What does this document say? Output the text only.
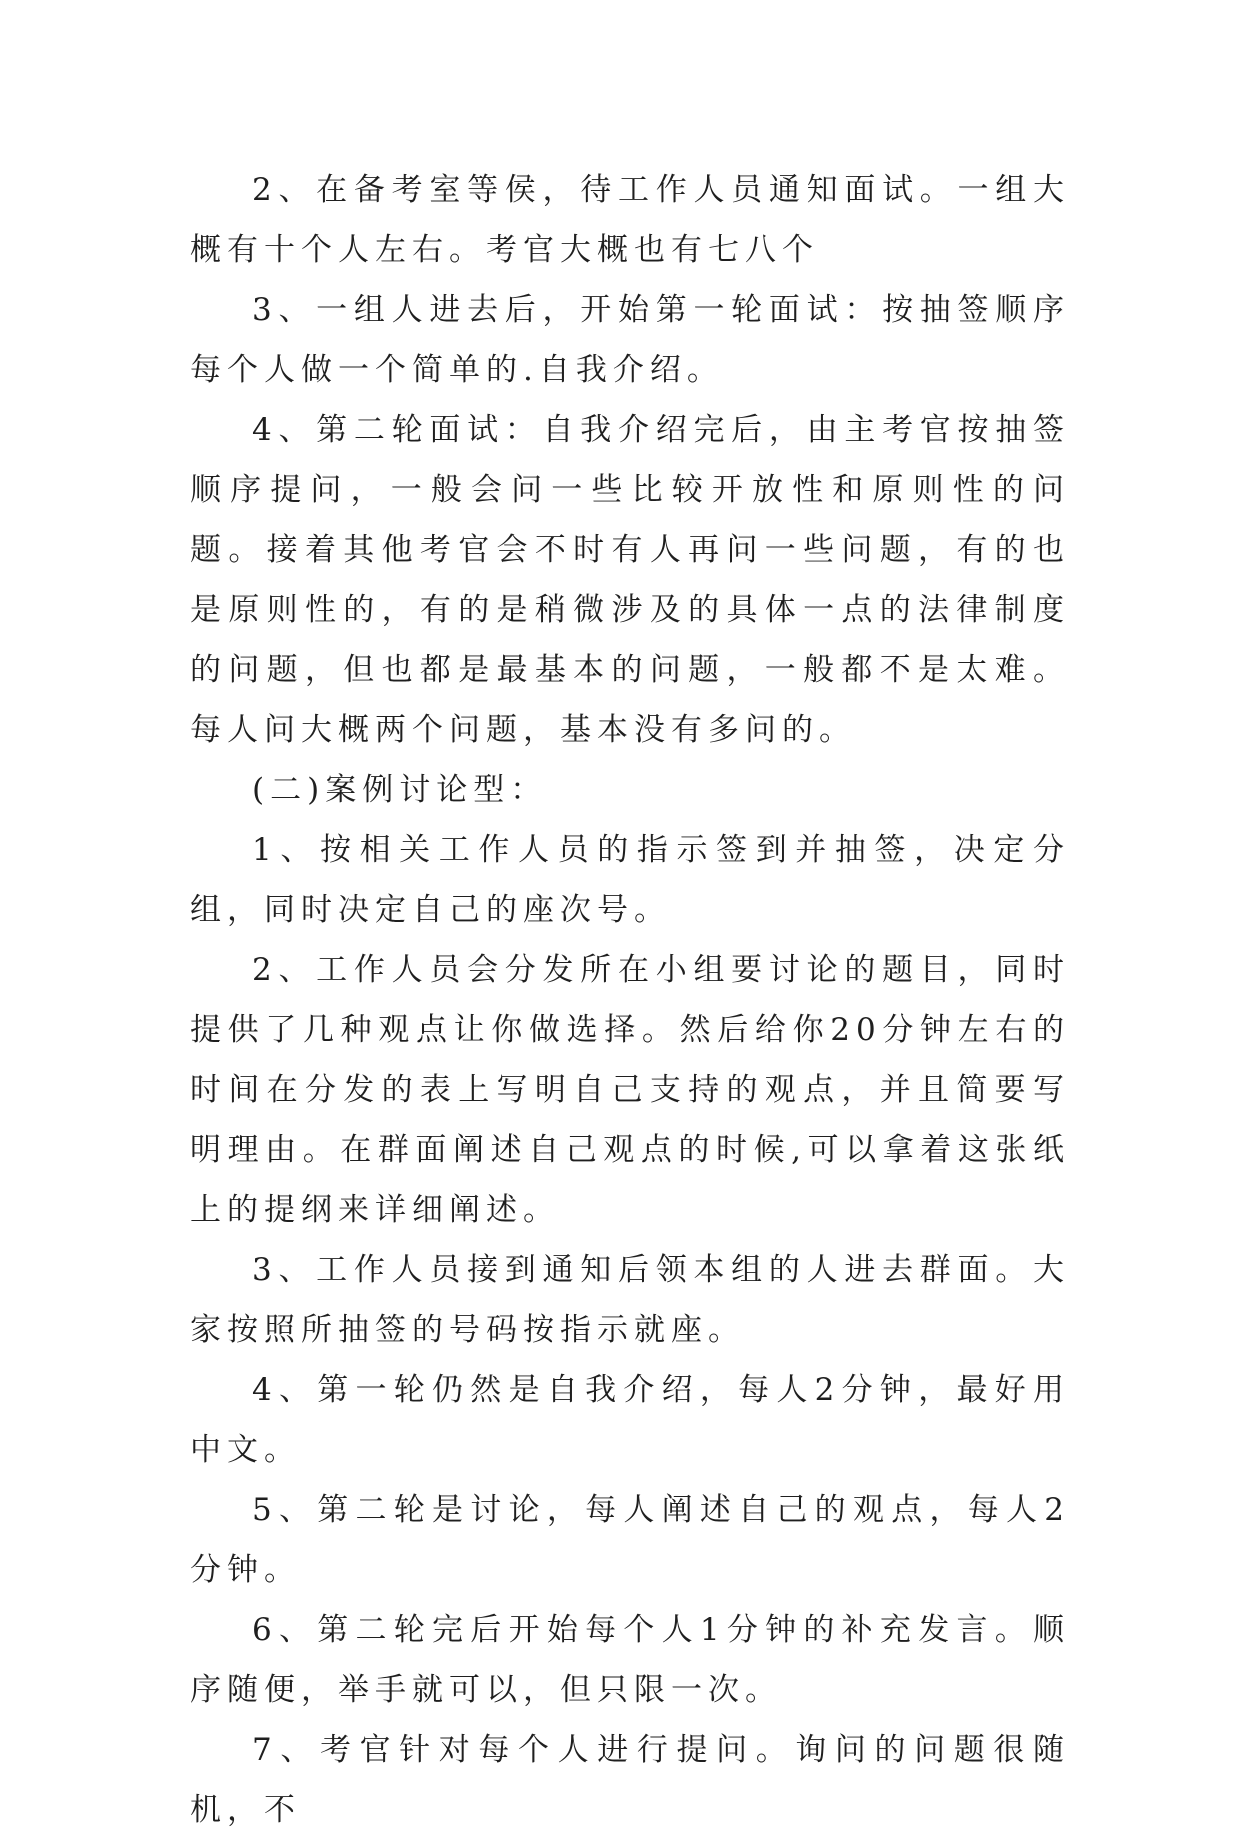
2、在备考室等侯，待工作人员通知面试。一组大概有十个人左右。考官大概也有七八个

3、一组人进去后，开始第一轮面试：按抽签顺序每个人做一个简单的.自我介绍。

4、第二轮面试：自我介绍完后，由主考官按抽签顺序提问，一般会问一些比较开放性和原则性的问题。接着其他考官会不时有人再问一些问题，有的也是原则性的，有的是稍微涉及的具体一点的法律制度的问题，但也都是最基本的问题，一般都不是太难。每人问大概两个问题，基本没有多问的。

(二)案例讨论型：

1、按相关工作人员的指示签到并抽签，决定分组，同时决定自己的座次号。

2、工作人员会分发所在小组要讨论的题目，同时提供了几种观点让你做选择。然后给你20分钟左右的时间在分发的表上写明自己支持的观点，并且简要写明理由。在群面阐述自己观点的时候,可以拿着这张纸上的提纲来详细阐述。

3、工作人员接到通知后领本组的人进去群面。大家按照所抽签的号码按指示就座。

4、第一轮仍然是自我介绍，每人2分钟，最好用中文。

5、第二轮是讨论，每人阐述自己的观点，每人2分钟。

6、第二轮完后开始每个人1分钟的补充发言。顺序随便，举手就可以，但只限一次。

7、考官针对每个人进行提问。询问的问题很随机，不
